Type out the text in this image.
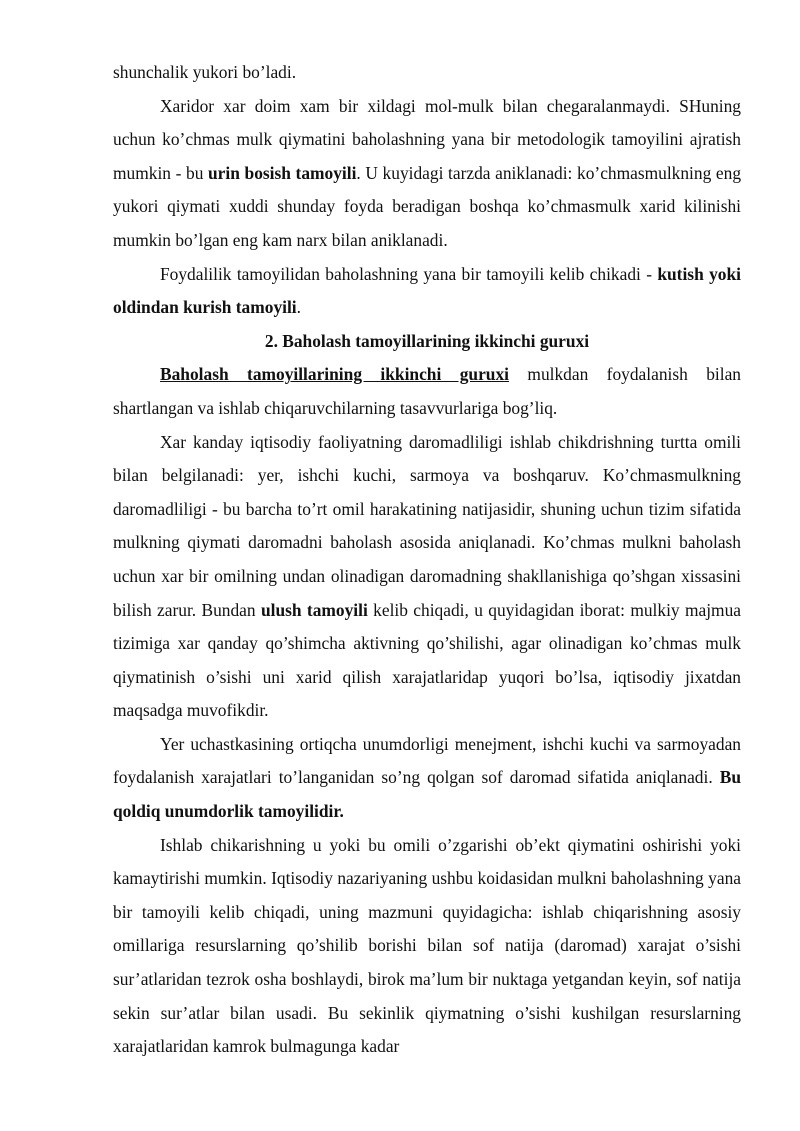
shunchalik yukori bo’ladi.

Xaridor xar doim xam bir xildagi mol-mulk bilan chegaralanmaydi. SHuning uchun ko’chmas mulk qiymatini baholashning yana bir metodologik tamoyilini ajratish mumkin - bu urin bosish tamoyili. U kuyidagi tarzda aniklanadi: ko’chmasmulkning eng yukori qiymati xuddi shunday foyda beradigan boshqa ko’chmasmulk xarid kilinishi mumkin bo’lgan eng kam narx bilan aniklanadi.

Foydalilik tamoyilidan baholashning yana bir tamoyili kelib chikadi - kutish yoki oldindan kurish tamoyili.

2. Baholash tamoyillarining ikkinchi guruxi

Baholash tamoyillarining ikkinchi guruxi mulkdan foydalanish bilan shartlangan va ishlab chiqaruvchilarning tasavvurlariga bog’liq.

Xar kanday iqtisodiy faoliyatning daromadliligi ishlab chikdrishning turtta omili bilan belgilanadi: yer, ishchi kuchi, sarmoya va boshqaruv. Ko’chmasmulkning daromadliligi - bu barcha to’rt omil harakatining natijasidir, shuning uchun tizim sifatida mulkning qiymati daromadni baholash asosida aniqlanadi. Ko’chmas mulkni baholash uchun xar bir omilning undan olinadigan daromadning shakllanishiga qo’shgan xissasini bilish zarur. Bundan ulush tamoyili kelib chiqadi, u quyidagidan iborat: mulkiy majmua tizimiga xar qanday qo’shimcha aktivning qo’shilishi, agar olinadigan ko’chmas mulk qiymatinish o’sishi uni xarid qilish xarajatlaridap yuqori bo’lsa, iqtisodiy jixatdan maqsadga muvofikdir.

Yer uchastkasining ortiqcha unumdorligi menejment, ishchi kuchi va sarmoyadan foydalanish xarajatlari to’langanidan so’ng qolgan sof daromad sifatida aniqlanadi. Bu qoldiq unumdorlik tamoyilidir.

Ishlab chikarishning u yoki bu omili o’zgarishi ob’ekt qiymatini oshirishi yoki kamaytirishi mumkin. Iqtisodiy nazariyaning ushbu koidasidan mulkni baholashning yana bir tamoyili kelib chiqadi, uning mazmuni quyidagicha: ishlab chiqarishning asosiy omillariga resurslarning qo’shilib borishi bilan sof natija (daromad) xarajat o’sishi sur’atlaridan tezrok osha boshlaydi, birok ma’lum bir nuktaga yetgandan keyin, sof natija sekin sur’atlar bilan usadi. Bu sekinlik qiymatning o’sishi kushilgan resurslarning xarajatlaridan kamrok bulmagunga kadar
